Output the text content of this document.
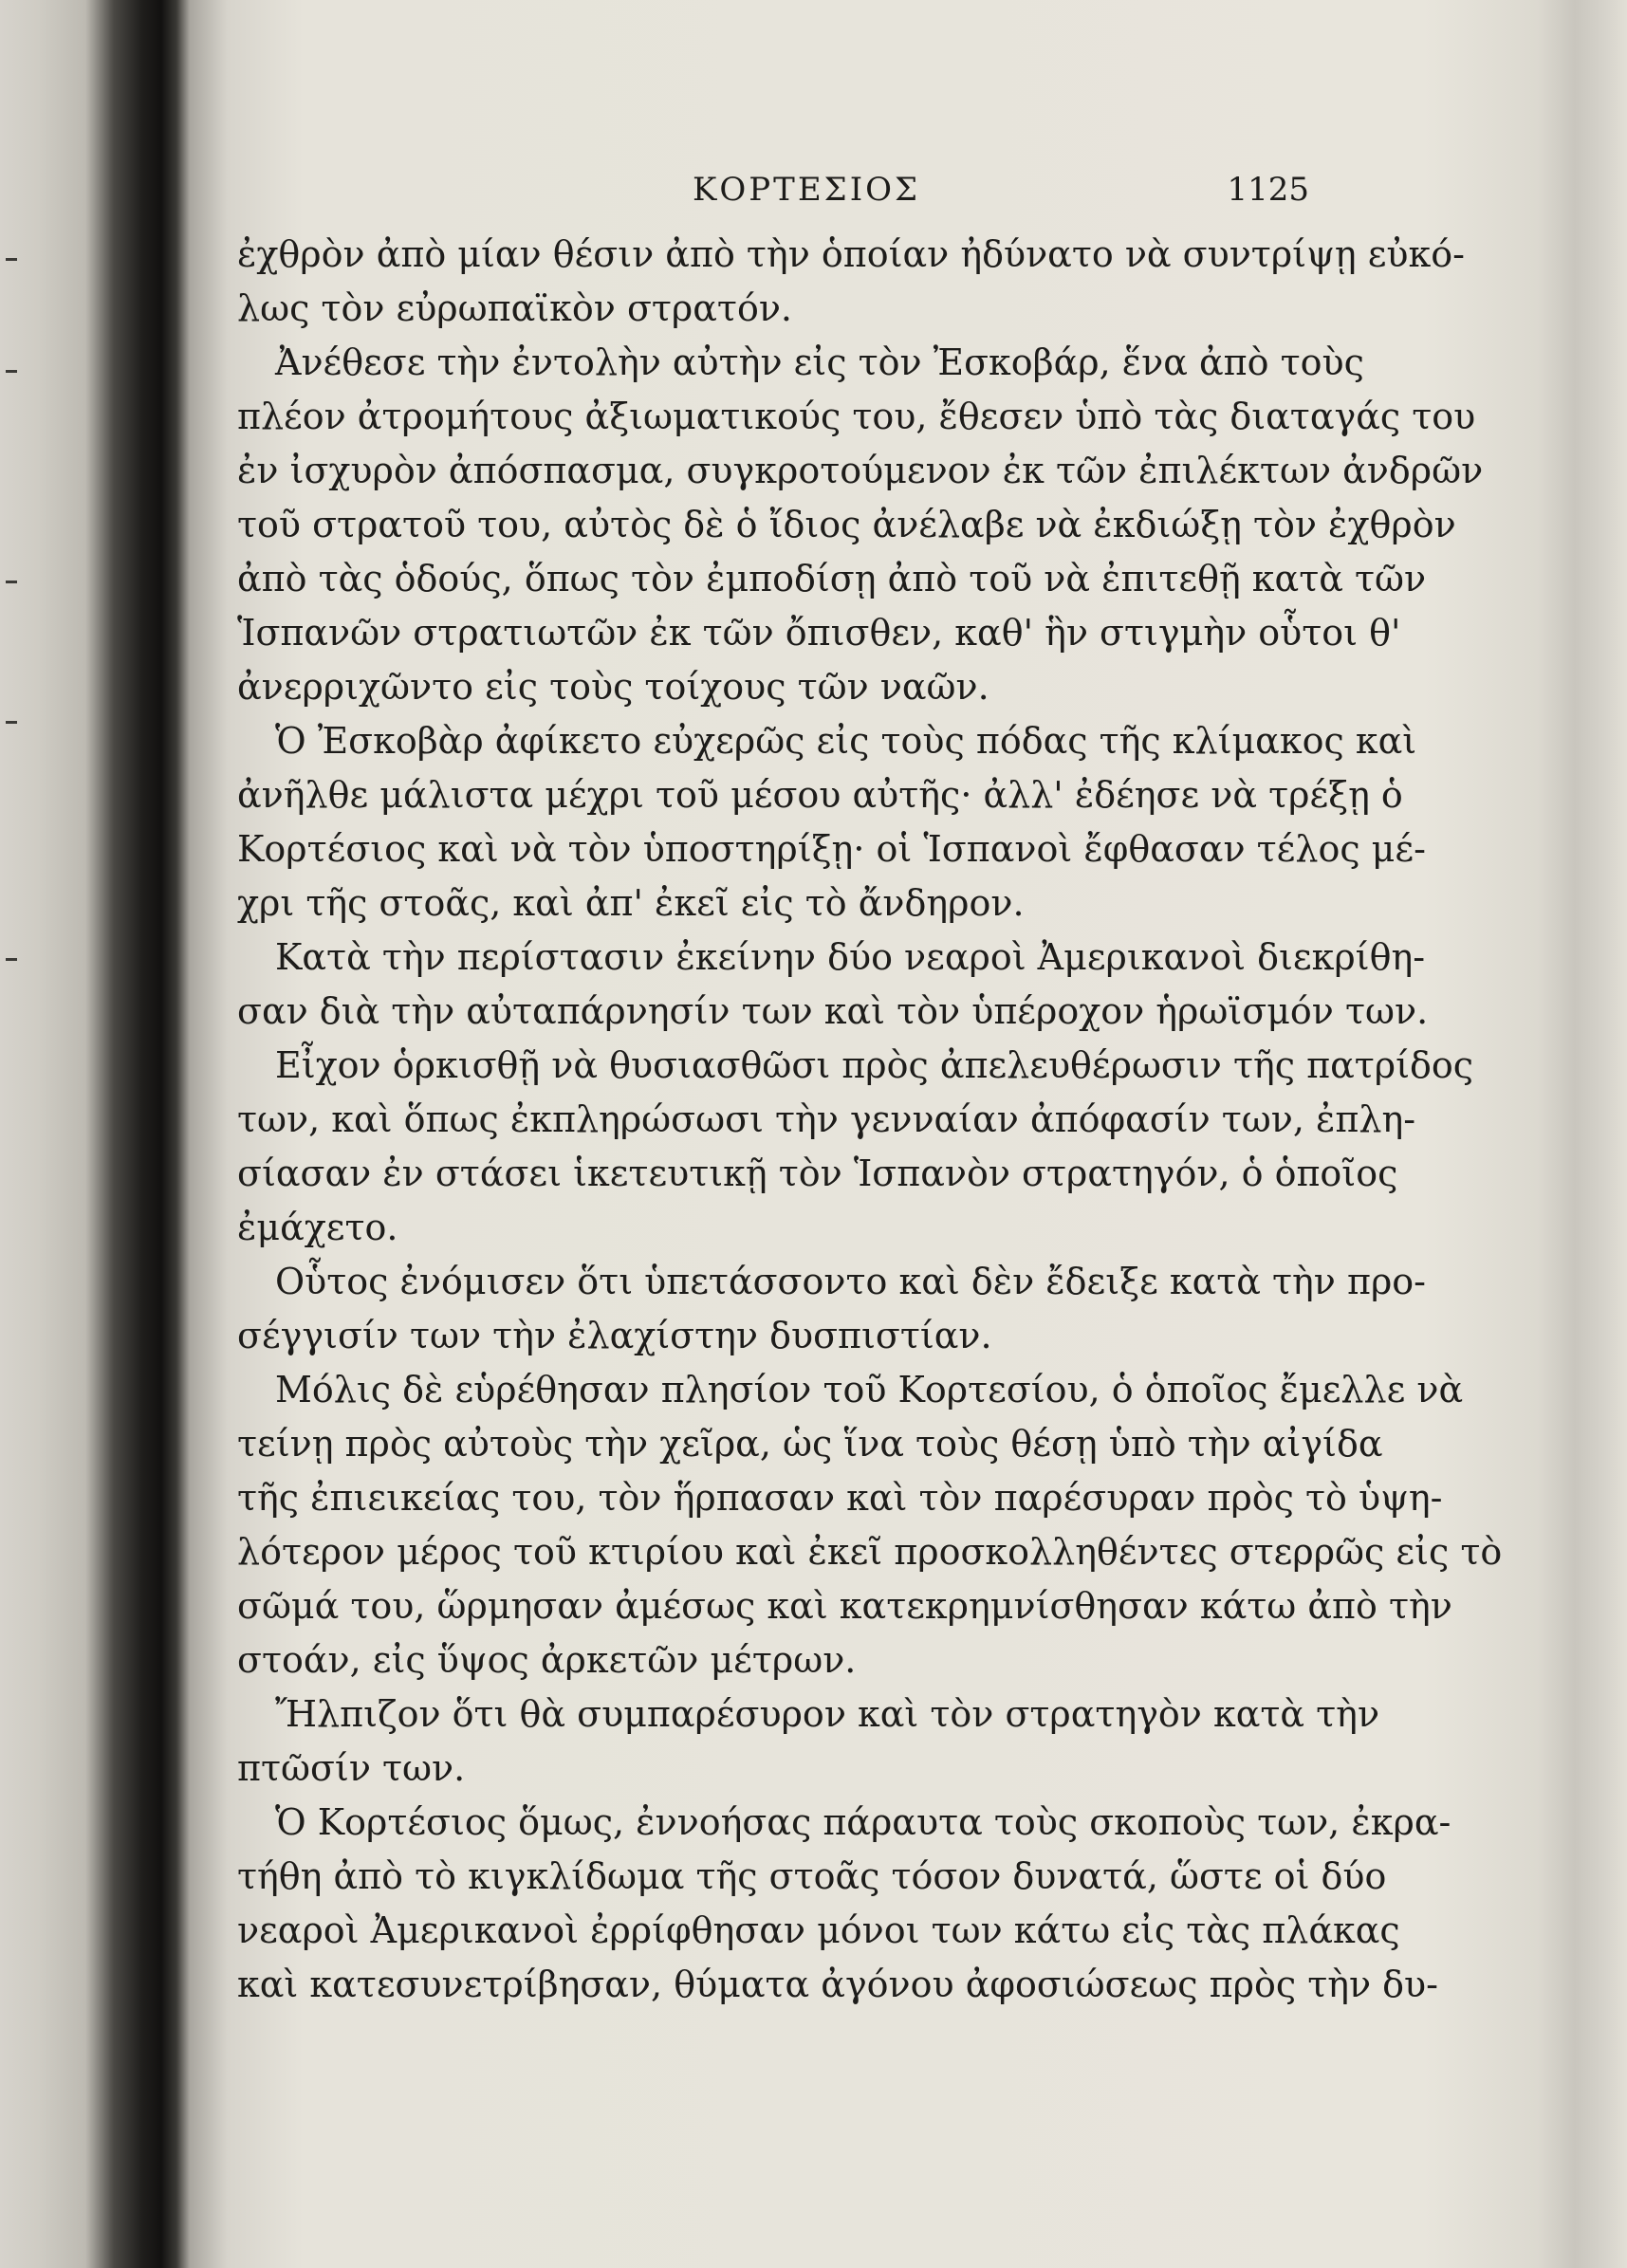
ΚΟΡΤΕΣΙΟΣ	1125
ἐχθρὸν ἀπὸ μίαν θέσιν ἀπὸ τὴν ὁποίαν ἠδύνατο νὰ συντρίψῃ εὐκό-
λως τὸν εὐρωπαϊκὸν στρατόν.
Ἀνέθεσε τὴν ἐντολὴν αὐτὴν εἰς τὸν Ἐσκοβάρ, ἕνα ἀπὸ τοὺς
πλέον ἀτρομήτους ἀξιωματικούς του, ἔθεσεν ὑπὸ τὰς διαταγάς του
ἐν ἰσχυρὸν ἀπόσπασμα, συγκροτούμενον ἐκ τῶν ἐπιλέκτων ἀνδρῶν
τοῦ στρατοῦ του, αὐτὸς δὲ ὁ ἴδιος ἀνέλαβε νὰ ἐκδιώξῃ τὸν ἐχθρὸν
ἀπὸ τὰς ὁδούς, ὅπως τὸν ἐμποδίσῃ ἀπὸ τοῦ νὰ ἐπιτεθῇ κατὰ τῶν
Ἱσπανῶν στρατιωτῶν ἐκ τῶν ὄπισθεν, καθ' ἣν στιγμὴν οὗτοι θ'
ἀνερριχῶντο εἰς τοὺς τοίχους τῶν ναῶν.
Ὁ Ἐσκοβὰρ ἀφίκετο εὐχερῶς εἰς τοὺς πόδας τῆς κλίμακος καὶ
ἀνῆλθε μάλιστα μέχρι τοῦ μέσου αὐτῆς· ἀλλ' ἐδέησε νὰ τρέξῃ ὁ
Κορτέσιος καὶ νὰ τὸν ὑποστηρίξῃ· οἱ Ἱσπανοὶ ἔφθασαν τέλος μέ-
χρι τῆς στοᾶς, καὶ ἀπ' ἐκεῖ εἰς τὸ ἄνδηρον.
Κατὰ τὴν περίστασιν ἐκείνην δύο νεαροὶ Ἀμερικανοὶ διεκρίθη-
σαν διὰ τὴν αὐταπάρνησίν των καὶ τὸν ὑπέροχον ἡρωϊσμόν των.
Εἶχον ὁρκισθῇ νὰ θυσιασθῶσι πρὸς ἀπελευθέρωσιν τῆς πατρίδος
των, καὶ ὅπως ἐκπληρώσωσι τὴν γενναίαν ἀπόφασίν των, ἐπλη-
σίασαν ἐν στάσει ἱκετευτικῇ τὸν Ἱσπανὸν στρατηγόν, ὁ ὁποῖος
ἐμάχετο.
Οὗτος ἐνόμισεν ὅτι ὑπετάσσοντο καὶ δὲν ἔδειξε κατὰ τὴν προ-
σέγγισίν των τὴν ἐλαχίστην δυσπιστίαν.
Μόλις δὲ εὑρέθησαν πλησίον τοῦ Κορτεσίου, ὁ ὁποῖος ἔμελλε νὰ
τείνῃ πρὸς αὐτοὺς τὴν χεῖρα, ὡς ἵνα τοὺς θέσῃ ὑπὸ τὴν αἰγίδα
τῆς ἐπιεικείας του, τὸν ἥρπασαν καὶ τὸν παρέσυραν πρὸς τὸ ὑψη-
λότερον μέρος τοῦ κτιρίου καὶ ἐκεῖ προσκολληθέντες στερρῶς εἰς τὸ
σῶμά του, ὥρμησαν ἀμέσως καὶ κατεκρημνίσθησαν κάτω ἀπὸ τὴν
στοάν, εἰς ὕψος ἀρκετῶν μέτρων.
Ἤλπιζον ὅτι θὰ συμπαρέσυρον καὶ τὸν στρατηγὸν κατὰ τὴν
πτῶσίν των.
Ὁ Κορτέσιος ὅμως, ἐννοήσας πάραυτα τοὺς σκοποὺς των, ἐκρα-
τήθη ἀπὸ τὸ κιγκλίδωμα τῆς στοᾶς τόσον δυνατά, ὥστε οἱ δύο
νεαροὶ Ἀμερικανοὶ ἐρρίφθησαν μόνοι των κάτω εἰς τὰς πλάκας
καὶ κατεσυνετρίβησαν, θύματα ἀγόνου ἀφοσιώσεως πρὸς τὴν δυ-
